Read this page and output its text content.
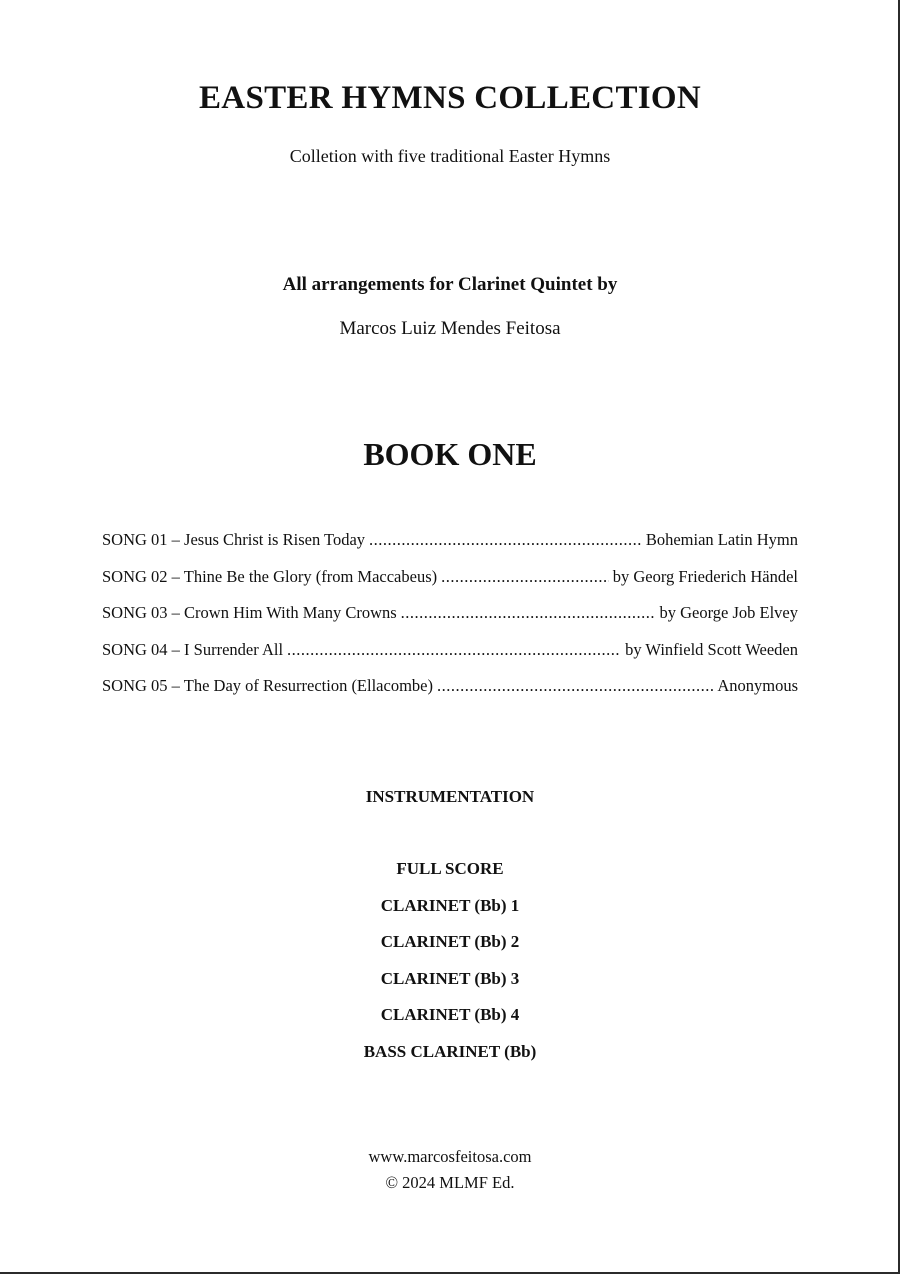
EASTER HYMNS COLLECTION
Colletion with five traditional Easter Hymns
All arrangements for Clarinet Quintet by
Marcos Luiz Mendes Feitosa
BOOK ONE
SONG 01 – Jesus Christ is Risen Today .....	Bohemian Latin Hymn
SONG 02 – Thine Be the Glory (from Maccabeus) .....	by Georg Friederich Händel
SONG 03 – Crown Him With Many Crowns .....	by George Job Elvey
SONG 04 – I Surrender All .....	by Winfield Scott Weeden
SONG 05 – The Day of Resurrection (Ellacombe) .....	Anonymous
INSTRUMENTATION
FULL SCORE
CLARINET (Bb) 1
CLARINET (Bb) 2
CLARINET (Bb) 3
CLARINET (Bb) 4
BASS CLARINET (Bb)
www.marcosfeitosa.com
© 2024 MLMF Ed.
